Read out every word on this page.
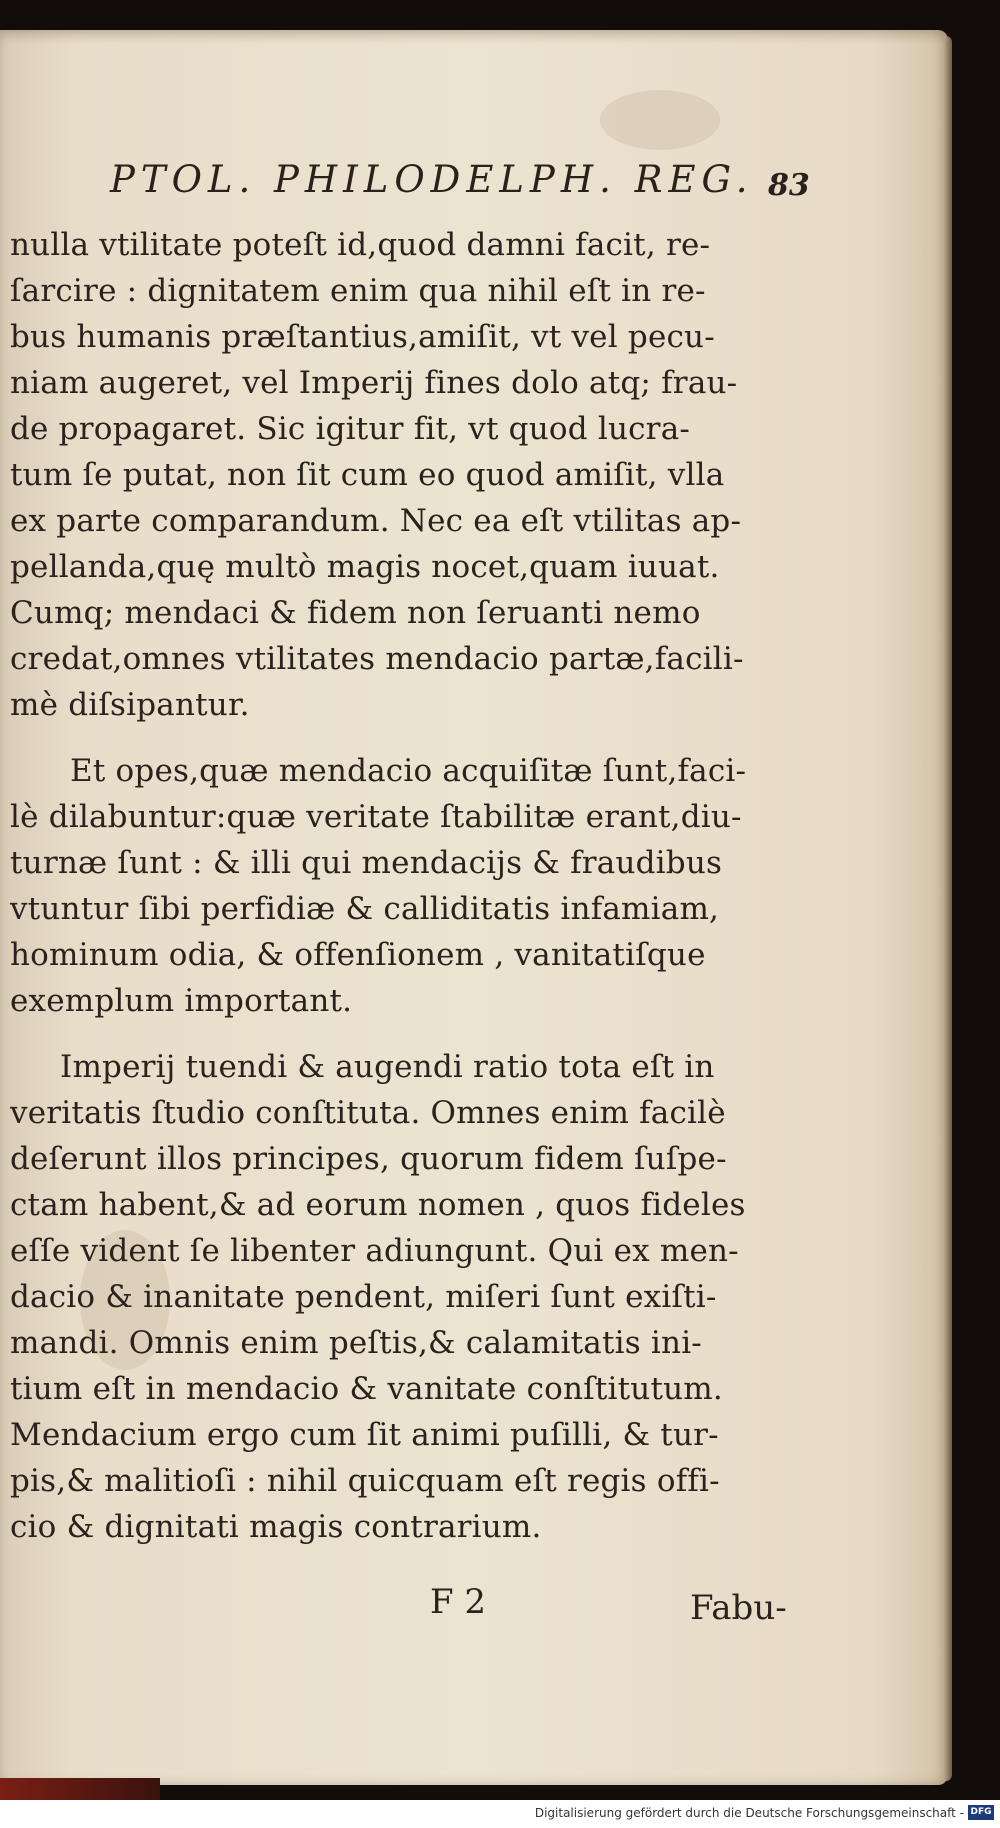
PTOL. PHILODELPH. REG. 83

nulla vtilitate poteſt id,quod damni facit, re-
ſarcire : dignitatem enim qua nihil eſt in re-
bus humanis præſtantius,amiſit, vt vel pecu-
niam augeret, vel Imperij fines dolo atq; frau-
de propagaret. Sic igitur fit, vt quod lucra-
tum ſe putat, non ſit cum eo quod amiſit, vlla
ex parte comparandum. Nec ea eſt vtilitas ap-
pellanda,quę multò magis nocet,quam iuuat.
Cumq; mendaci & fidem non ſeruanti nemo
credat,omnes vtilitates mendacio partæ,facili-
mè diſsipantur.

Et opes,quæ mendacio acquiſitæ ſunt,faci-
lè dilabuntur:quæ veritate ſtabilitæ erant,diu-
turnæ ſunt : & illi qui mendacijs & fraudibus
vtuntur ſibi perfidiæ & calliditatis infamiam,
hominum odia, & offenſionem , vanitatiſque
exemplum important.

Imperij tuendi & augendi ratio tota eſt in
veritatis ſtudio conſtituta. Omnes enim facilè
deſerunt illos principes, quorum fidem ſuſpe-
ctam habent,& ad eorum nomen , quos fideles
eſſe vident ſe libenter adiungunt. Qui ex men-
dacio & inanitate pendent, miſeri ſunt exiſti-
mandi. Omnis enim peſtis,& calamitatis ini-
tium eſt in mendacio & vanitate conſtitutum.
Mendacium ergo cum ſit animi puſilli, & tur-
pis,& malitioſi : nihil quicquam eſt regis offi-
cio & dignitati magis contrarium.

F 2	Fabu-
Digitalisierung gefördert durch die Deutsche Forschungsgemeinschaft - DFG
